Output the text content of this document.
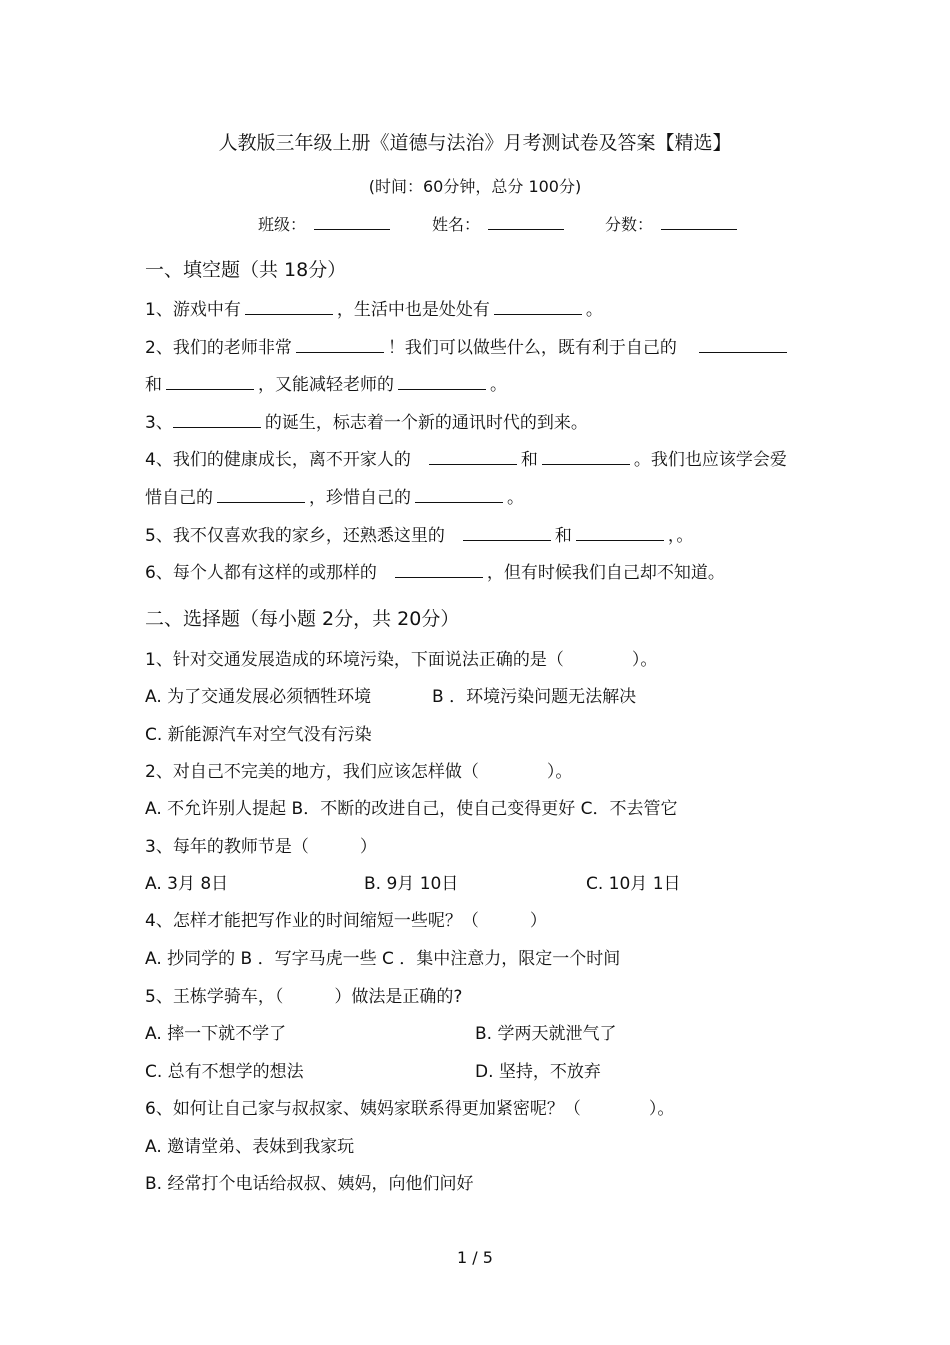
人教版三年级上册《道德与法治》月考测试卷及答案【精选】
(时间：60分钟，总分 100分)
班级：	姓名：	分数：
一、填空题（共 18分）
1、游戏中有	，生活中也是处处有	。
2、我们的老师非常	！我们可以做些什么，既有利于自己的
和	，又能减轻老师的	。
3、	的诞生，标志着一个新的通讯时代的到来。
4、我们的健康成长，离不开家人的	和	。我们也应该学会爱
惜自己的	，珍惜自己的	。
5、我不仅喜欢我的家乡，还熟悉这里的	和	，。
6、每个人都有这样的或那样的	，但有时候我们自己却不知道。
二、选择题（每小题 2分，共 20分）
1、针对交通发展造成的环境污染，下面说法正确的是（　　　　）。
A. 为了交通发展必须牺牲环境	B ．环境污染问题无法解决
C. 新能源汽车对空气没有污染
2、对自己不完美的地方，我们应该怎样做（　　　　）。
A. 不允许别人提起 B．不断的改进自己，使自己变得更好 C．不去管它
3、每年的教师节是（　　　）
A. 3月 8日	B. 9月 10日	C. 10月 1日
4、怎样才能把写作业的时间缩短一些呢？（　　　）
A. 抄同学的 B ．写字马虎一些 C ．集中注意力，限定一个时间
5、王栋学骑车，（　　　）做法是正确的?
A. 摔一下就不学了	B. 学两天就泄气了
C. 总有不想学的想法	D. 坚持，不放弃
6、如何让自己家与叔叔家、姨妈家联系得更加紧密呢？（　　　　）。
A. 邀请堂弟、表妹到我家玩
B. 经常打个电话给叔叔、姨妈，向他们问好
1 / 5
